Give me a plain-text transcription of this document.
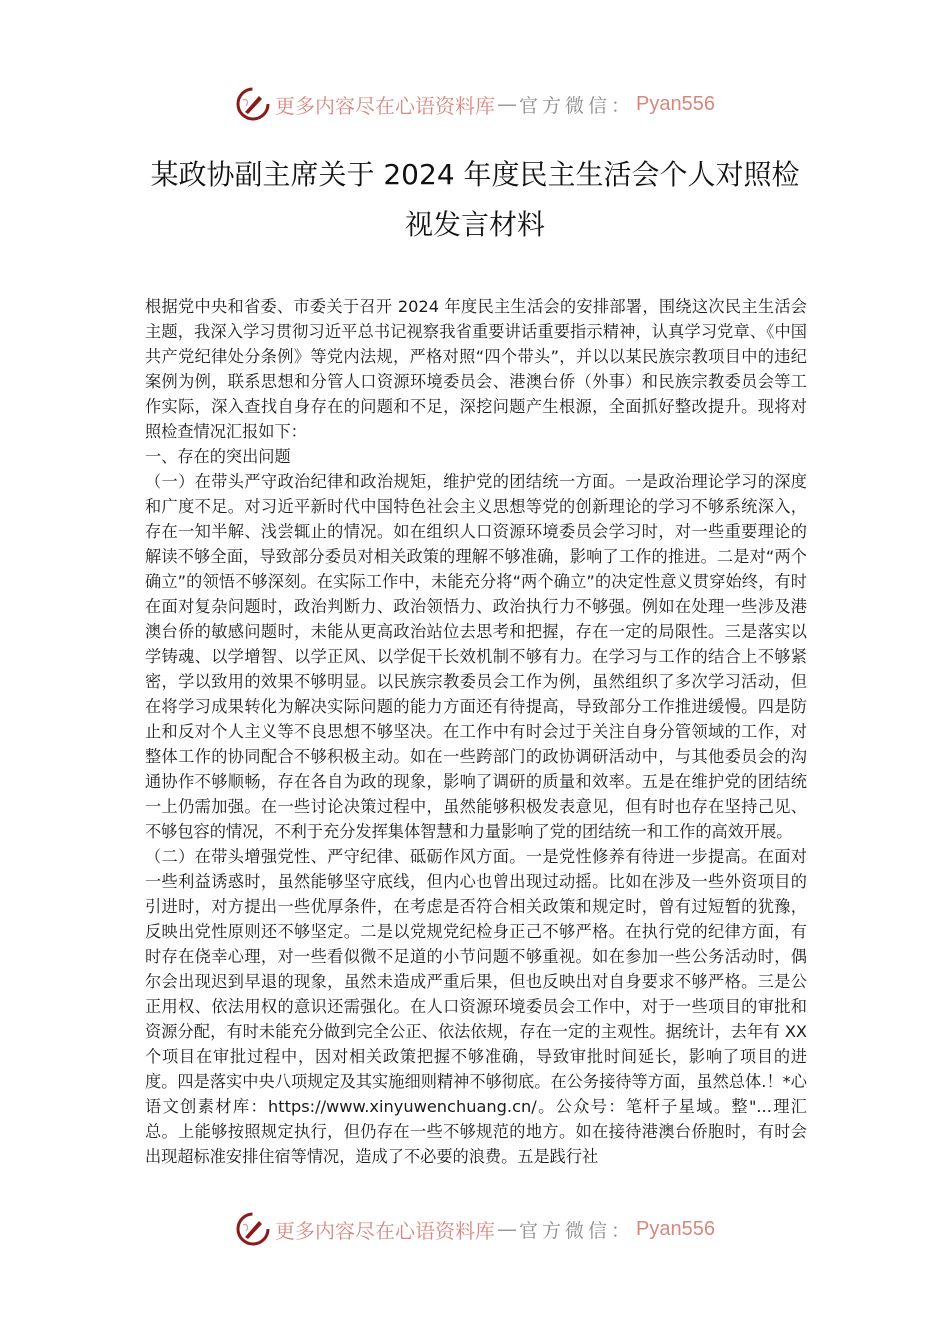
更多内容尽在心语资料库 — 官方微信： Pyan556
某政协副主席关于 2024 年度民主生活会个人对照检
视发言材料

根据党中央和省委、市委关于召开 2024 年度民主生活会的安排部署，围绕这次民主生活会主题，我深入学习贯彻习近平总书记视察我省重要讲话重要指示精神，认真学习党章、《中国共产党纪律处分条例》等党内法规，严格对照“四个带头”，并以以某民族宗教项目中的违纪案例为例，联系思想和分管人口资源环境委员会、港澳台侨（外事）和民族宗教委员会等工作实际，深入查找自身存在的问题和不足，深挖问题产生根源，全面抓好整改提升。现将对照检查情况汇报如下：

一、存在的突出问题

（一）在带头严守政治纪律和政治规矩，维护党的团结统一方面。一是政治理论学习的深度和广度不足。对习近平新时代中国特色社会主义思想等党的创新理论的学习不够系统深入，存在一知半解、浅尝辄止的情况。如在组织人口资源环境委员会学习时，对一些重要理论的解读不够全面，导致部分委员对相关政策的理解不够准确，影响了工作的推进。二是对“两个确立”的领悟不够深刻。在实际工作中，未能充分将“两个确立”的决定性意义贯穿始终，有时在面对复杂问题时，政治判断力、政治领悟力、政治执行力不够强。例如在处理一些涉及港澳台侨的敏感问题时，未能从更高政治站位去思考和把握，存在一定的局限性。三是落实以学铸魂、以学增智、以学正风、以学促干长效机制不够有力。在学习与工作的结合上不够紧密，学以致用的效果不够明显。以民族宗教委员会工作为例，虽然组织了多次学习活动，但在将学习成果转化为解决实际问题的能力方面还有待提高，导致部分工作推进缓慢。四是防止和反对个人主义等不良思想不够坚决。在工作中有时会过于关注自身分管领域的工作，对整体工作的协同配合不够积极主动。如在一些跨部门的政协调研活动中，与其他委员会的沟通协作不够顺畅，存在各自为政的现象，影响了调研的质量和效率。五是在维护党的团结统一上仍需加强。在一些讨论决策过程中，虽然能够积极发表意见，但有时也存在坚持己见、不够包容的情况，不利于充分发挥集体智慧和力量影响了党的团结统一和工作的高效开展。

（二）在带头增强党性、严守纪律、砥砺作风方面。一是党性修养有待进一步提高。在面对一些利益诱惑时，虽然能够坚守底线，但内心也曾出现过动摇。比如在涉及一些外资项目的引进时，对方提出一些优厚条件，在考虑是否符合相关政策和规定时，曾有过短暂的犹豫，反映出党性原则还不够坚定。二是以党规党纪检身正己不够严格。在执行党的纪律方面，有时存在侥幸心理，对一些看似微不足道的小节问题不够重视。如在参加一些公务活动时，偶尔会出现迟到早退的现象，虽然未造成严重后果，但也反映出对自身要求不够严格。三是公正用权、依法用权的意识还需强化。在人口资源环境委员会工作中，对于一些项目的审批和资源分配，有时未能充分做到完全公正、依法依规，存在一定的主观性。据统计，去年有 XX 个项目在审批过程中，因对相关政策把握不够准确，导致审批时间延长，影响了项目的进度。四是落实中央八项规定及其实施细则精神不够彻底。在公务接待等方面，虽然总体.！*心语文创素材库：https://www.xinyuwenchuang.cn/。公众号：笔杆子星域。整"...理汇总。上能够按照规定执行，但仍存在一些不够规范的地方。如在接待港澳台侨胞时，有时会出现超标准安排住宿等情况，造成了不必要的浪费。五是践行社

更多内容尽在心语资料库 — 官方微信： Pyan556
